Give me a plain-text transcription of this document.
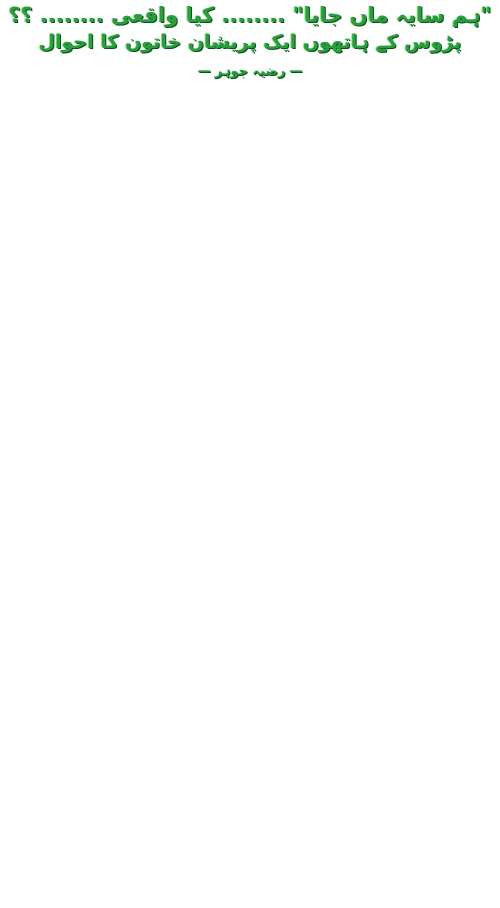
"ہم سایہ ماں جایا" ........ کیا واقعی ........ ؟؟
پڑوس کے ہاتھوں ایک پریشان خاتون کا احوال
— رضیہ جوہر —
